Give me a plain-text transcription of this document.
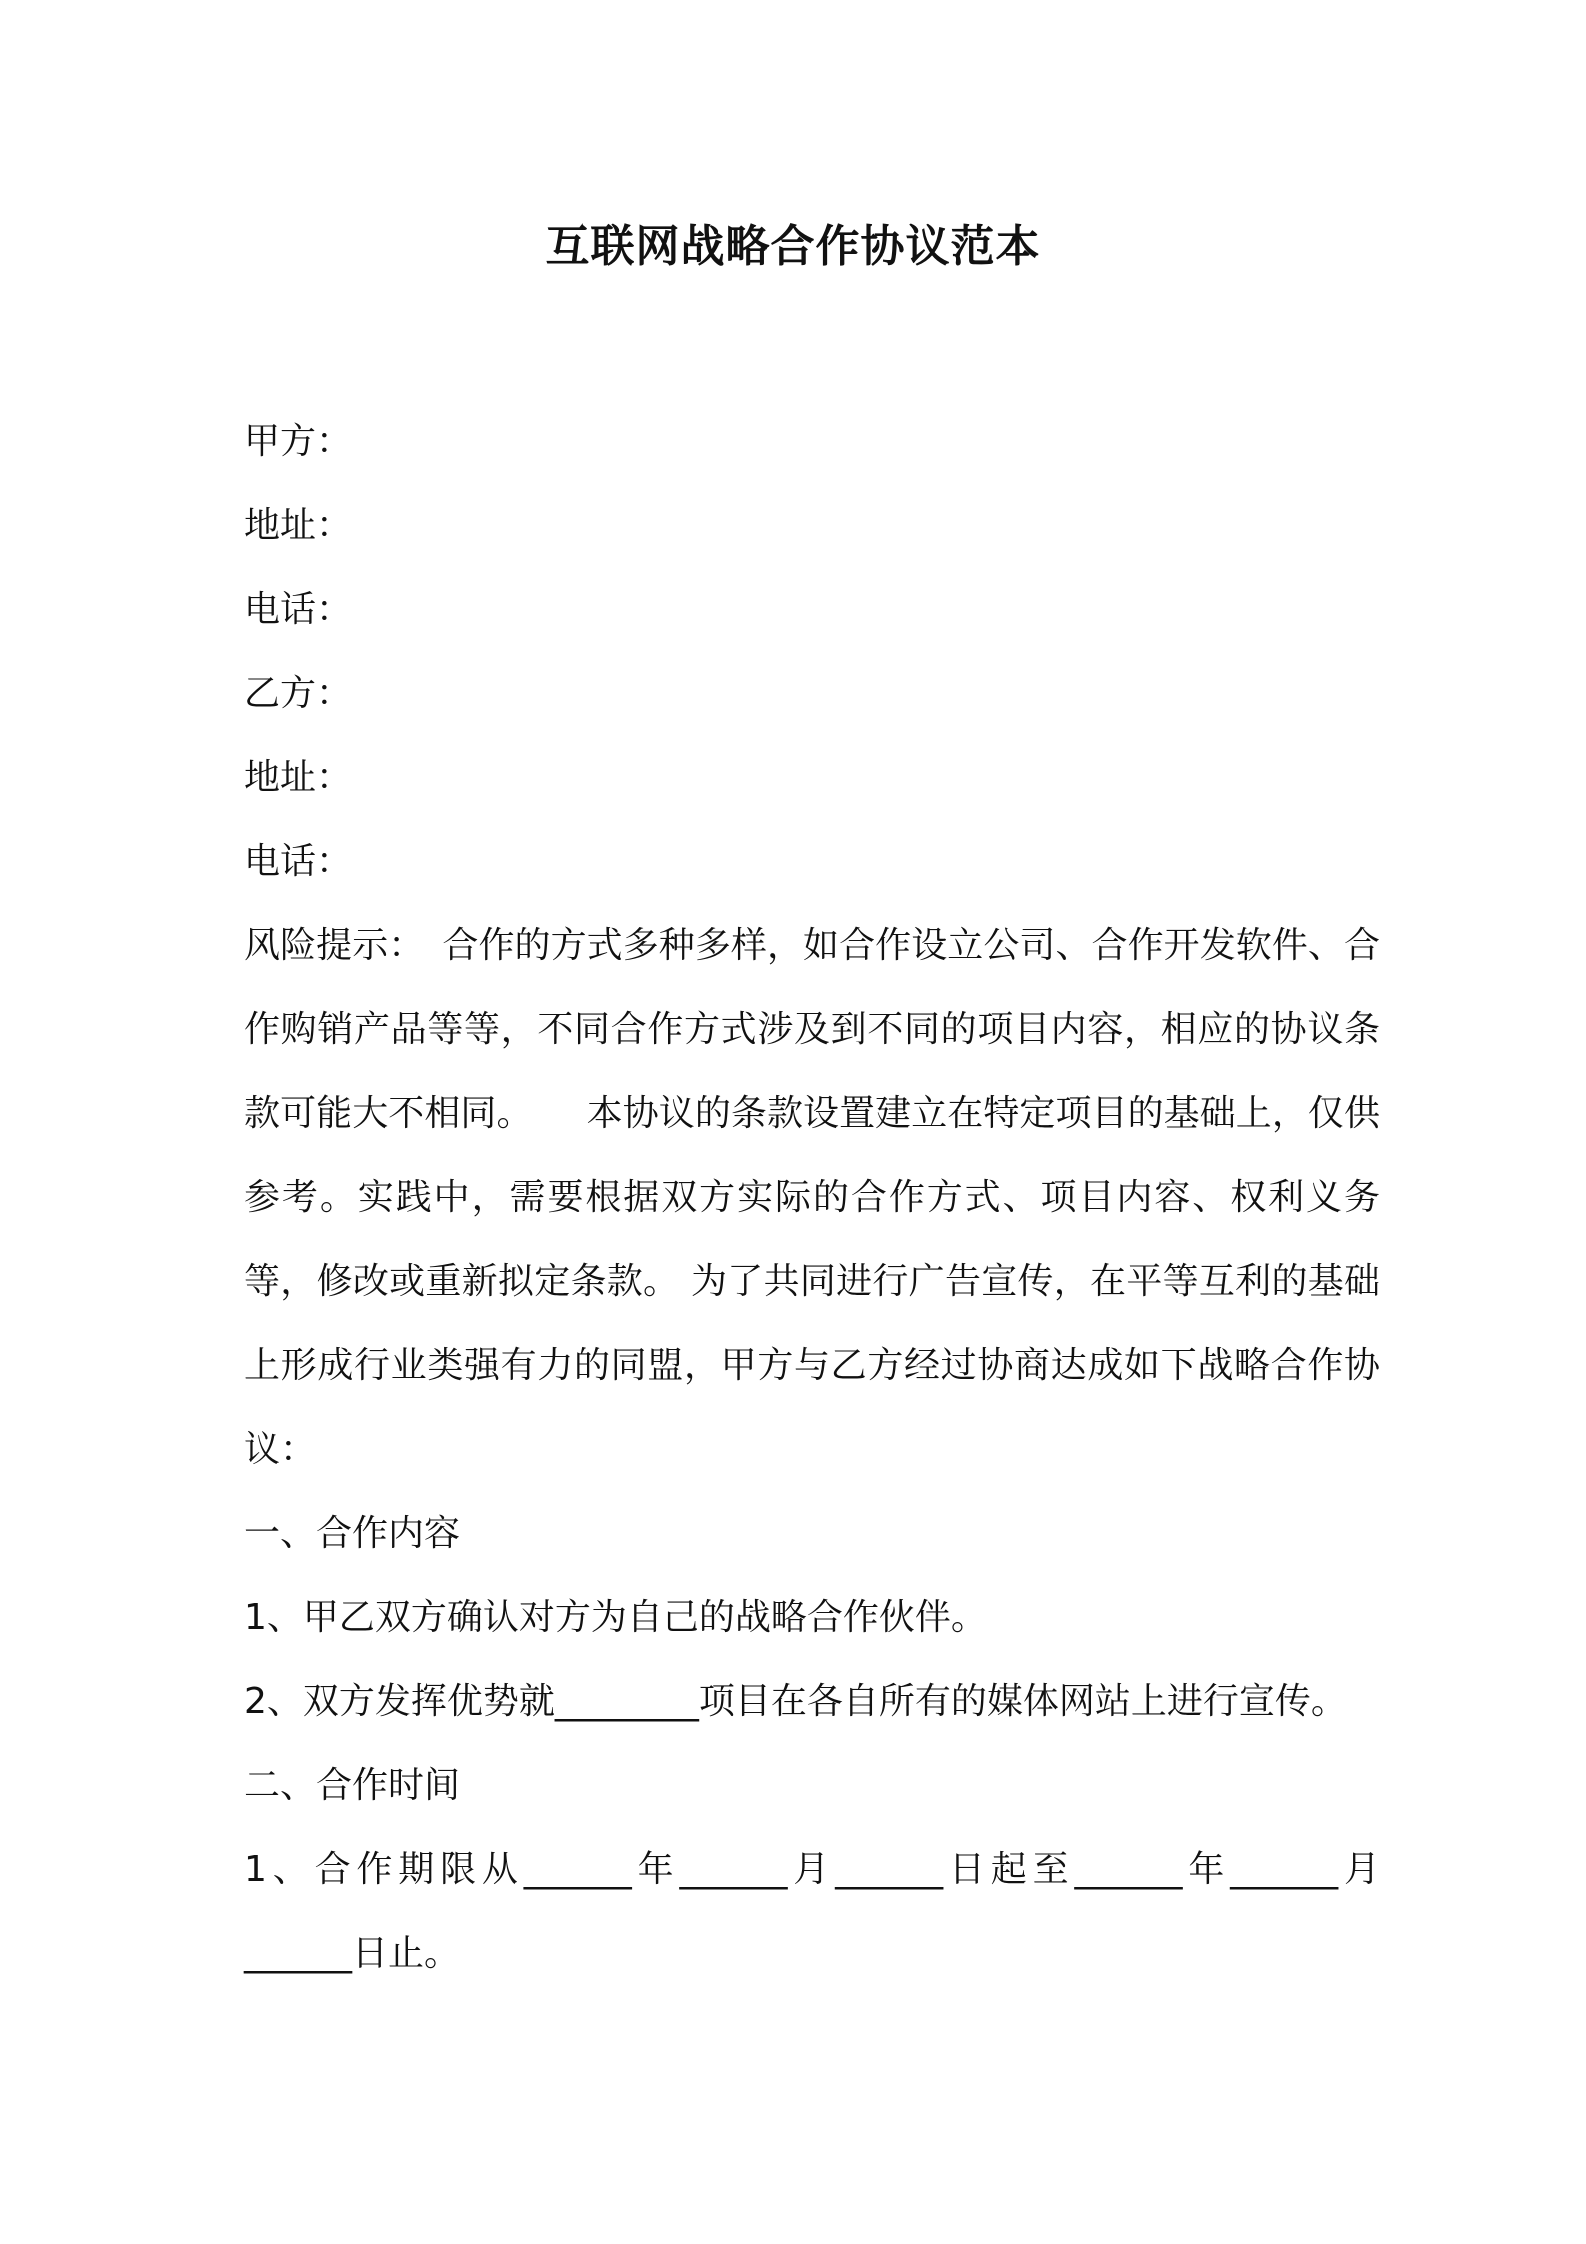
互联网战略合作协议范本

甲方：

地址：

电话：

乙方：

地址：

电话：

风险提示：　合作的方式多种多样，如合作设立公司、合作开发软件、合作购销产品等等，不同合作方式涉及到不同的项目内容，相应的协议条款可能大不相同。　　本协议的条款设置建立在特定项目的基础上，仅供参考。实践中，需要根据双方实际的合作方式、项目内容、权利义务等，修改或重新拟定条款。 为了共同进行广告宣传，在平等互利的基础上形成行业类强有力的同盟，甲方与乙方经过协商达成如下战略合作协议：

一、合作内容

1、甲乙双方确认对方为自己的战略合作伙伴。

2、双方发挥优势就________项目在各自所有的媒体网站上进行宣传。

二、合作时间

1、合作期限从______年______月______日起至______年______月______日止。
